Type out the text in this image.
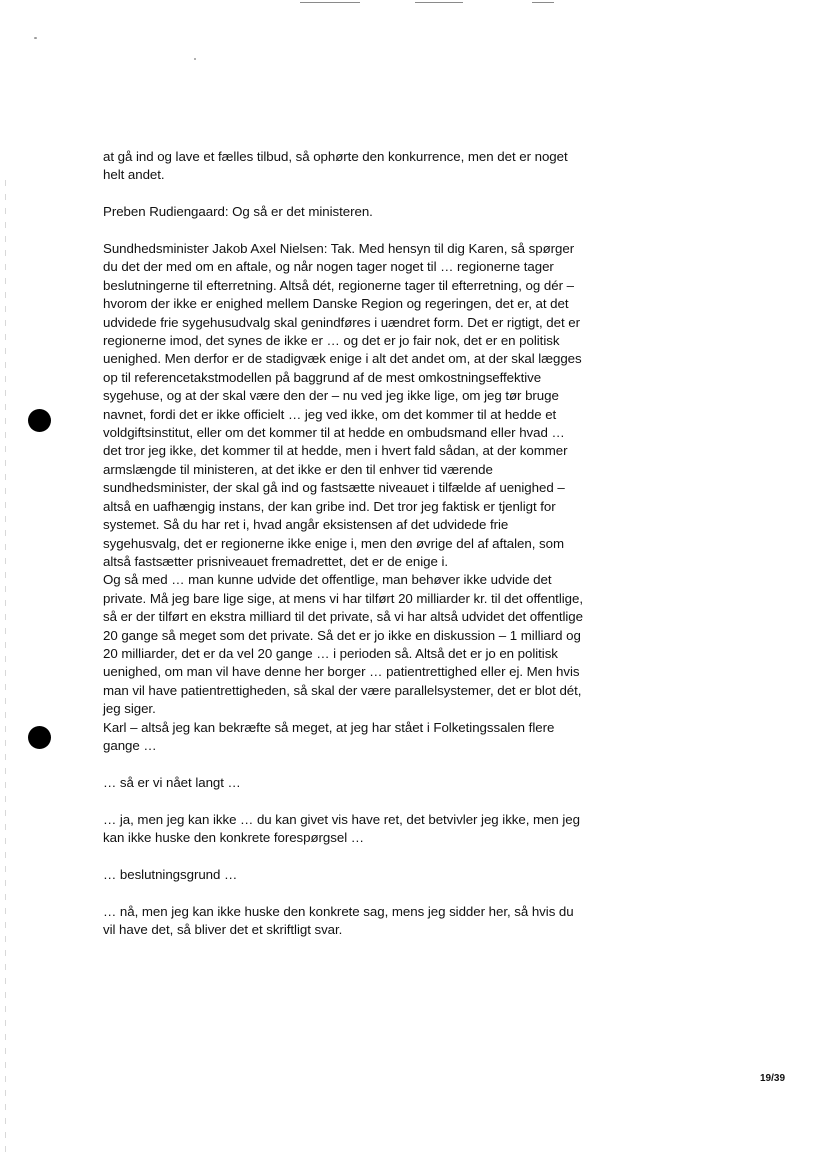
at gå ind og lave et fælles tilbud, så ophørte den konkurrence, men det er noget helt andet.

Preben Rudiengaard: Og så er det ministeren.

Sundhedsminister Jakob Axel Nielsen: Tak. Med hensyn til dig Karen, så spørger du det der med om en aftale, og når nogen tager noget til … regionerne tager beslutningerne til efterretning. Altså dét, regionerne tager til efterretning, og dér – hvorom der ikke er enighed mellem Danske Region og regeringen, det er, at det udvidede frie sygehusudvalg skal genindføres i uændret form. Det er rigtigt, det er regionerne imod, det synes de ikke er … og det er jo fair nok, det er en politisk uenighed. Men derfor er de stadigvæk enige i alt det andet om, at der skal lægges op til referencetakstmodellen på baggrund af de mest omkostningseffektive sygehuse, og at der skal være den der – nu ved jeg ikke lige, om jeg tør bruge navnet, fordi det er ikke officielt … jeg ved ikke, om det kommer til at hedde et voldgiftsinstitut, eller om det kommer til at hedde en ombudsmand eller hvad … det tror jeg ikke, det kommer til at hedde, men i hvert fald sådan, at der kommer armslængde til ministeren, at det ikke er den til enhver tid værende sundhedsminister, der skal gå ind og fastsætte niveauet i tilfælde af uenighed – altså en uafhængig instans, der kan gribe ind. Det tror jeg faktisk er tjenligt for systemet. Så du har ret i, hvad angår eksistensen af det udvidede frie sygehusvalg, det er regionerne ikke enige i, men den øvrige del af aftalen, som altså fastsætter prisniveauet fremadrettet, det er de enige i.

Og så med … man kunne udvide det offentlige, man behøver ikke udvide det private. Må jeg bare lige sige, at mens vi har tilført 20 milliarder kr. til det offentlige, så er der tilført en ekstra milliard til det private, så vi har altså udvidet det offentlige 20 gange så meget som det private. Så det er jo ikke en diskussion – 1 milliard og 20 milliarder, det er da vel 20 gange … i perioden så. Altså det er jo en politisk uenighed, om man vil have denne her borger … patientrettighed eller ej. Men hvis man vil have patientrettigheden, så skal der være parallelsystemer, det er blot dét, jeg siger.

Karl – altså jeg kan bekræfte så meget, at jeg har stået i Folketingssalen flere gange …

… så er vi nået langt …

… ja, men jeg kan ikke … du kan givet vis have ret, det betvivler jeg ikke, men jeg kan ikke huske den konkrete forespørgsel …

… beslutningsgrund …

… nå, men jeg kan ikke huske den konkrete sag, mens jeg sidder her, så hvis du vil have det, så bliver det et skriftligt svar.

19/39
